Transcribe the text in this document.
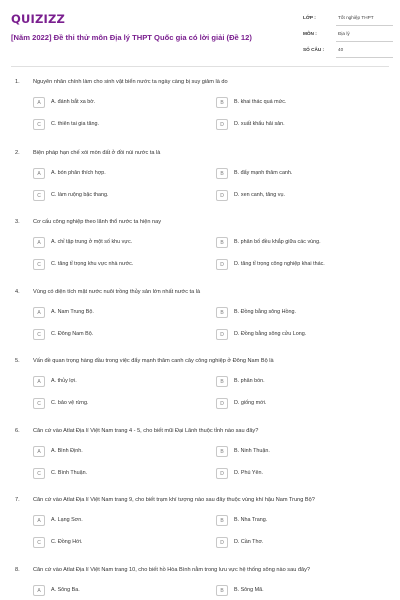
QUIZIZZ
[Năm 2022] Đề thi thử môn Địa lý THPT Quốc gia có lời giải (Đề 12)
LỚP :	Tốt nghiệp THPT
MÔN :	Địa lý
SỐ CÂU :	40
1. Nguyên nhân chính làm cho sinh vật biển nước ta ngày càng bị suy giảm là do
A	A. đánh bắt xa bờ.	B	B. khai thác quá mức.
C	C. thiên tai gia tăng.	D	D. xuất khẩu hải sản.
2. Biện pháp hạn chế xói mòn đất ở đồi núi nước ta là
A	A. bón phân thích hợp.	B	B. đẩy mạnh thâm canh.
C	C. làm ruộng bậc thang.	D	D. xen canh, tăng vụ.
3. Cơ cấu công nghiệp theo lãnh thổ nước ta hiện nay
A	A. chỉ tập trung ở một số khu vực.	B	B. phân bố đều khắp giữa các vùng.
C	C. tăng tỉ trọng khu vực nhà nước.	D	D. tăng tỉ trọng công nghiệp khai thác.
4. Vùng có diện tích mặt nước nuôi trồng thủy sản lớn nhất nước ta là
A	A. Nam Trung Bộ.	B	B. Đồng bằng sông Hồng.
C	C. Đông Nam Bộ.	D	D. Đồng bằng sông cửu Long.
5. Vấn đề quan trọng hàng đầu trong việc đẩy mạnh thâm canh cây công nghiệp ở Đông Nam Bộ là
A	A. thủy lợi.	B	B. phân bón.
C	C. bảo vệ rừng.	D	D. giống mới.
6. Căn cứ vào Atlat Địa lí Việt Nam trang 4 - 5, cho biết mũi Đại Lãnh thuộc tỉnh nào sau đây?
A	A. Bình Định.	B	B. Ninh Thuận.
C	C. Bình Thuận.	D	D. Phú Yên.
7. Căn cứ vào Atlat Địa lí Việt Nam trang 9, cho biết trạm khí tượng nào sau đây thuộc vùng khí hậu Nam Trung Bộ?
A	A. Lạng Sơn.	B	B. Nha Trang.
C	C. Đồng Hới.	D	D. Cần Thơ.
8. Căn cứ vào Atlat Địa lí Việt Nam trang 10, cho biết hồ Hòa Bình nằm trong lưu vực hệ thống sông nào sau đây?
A	A. Sông Ba.	B	B. Sông Mã.
